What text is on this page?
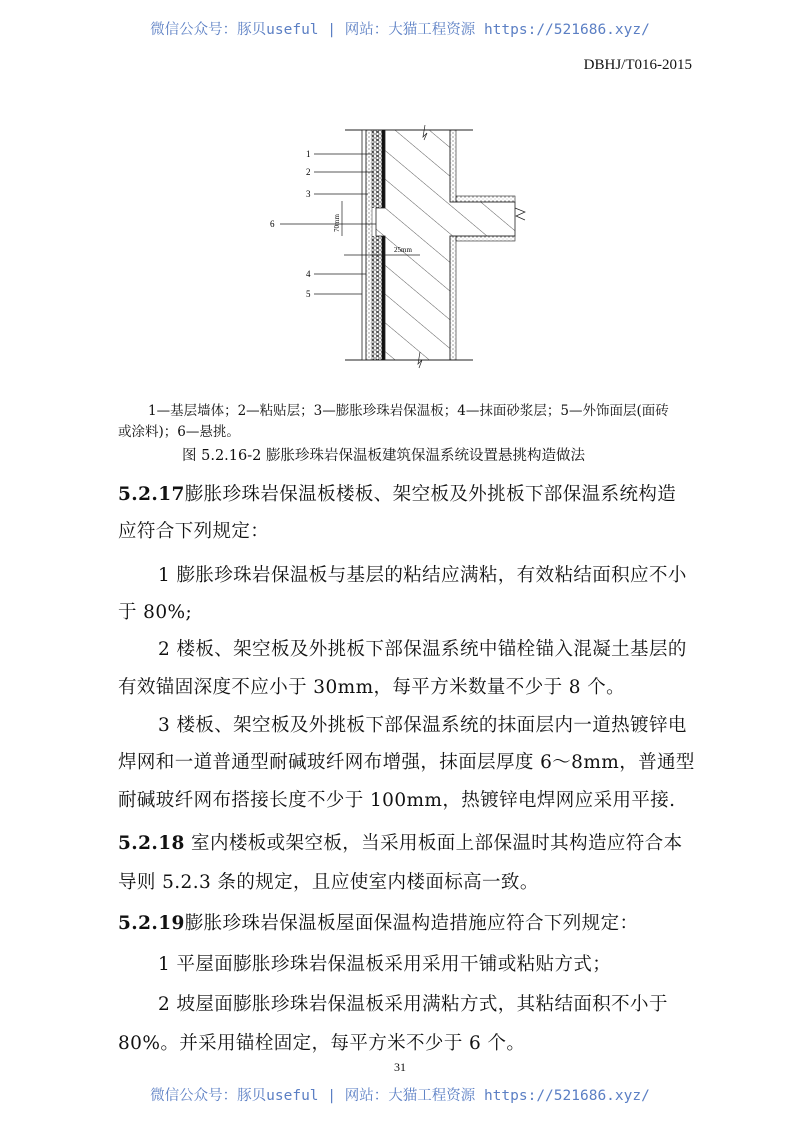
微信公众号：豚贝useful | 网站：大猫工程资源 https://521686.xyz/
DBHJ/T016-2015
1
2
3
6
4
5
70mm
25mm
1—基层墙体；2—粘贴层；3—膨胀珍珠岩保温板；4—抹面砂浆层；5—外饰面层(面砖
或涂料)；6—悬挑。
图 5.2.16-2 膨胀珍珠岩保温板建筑保温系统设置悬挑构造做法
5.2.17膨胀珍珠岩保温板楼板、架空板及外挑板下部保温系统构造
应符合下列规定：
1 膨胀珍珠岩保温板与基层的粘结应满粘，有效粘结面积应不小
于 80%;
2 楼板、架空板及外挑板下部保温系统中锚栓锚入混凝土基层的
有效锚固深度不应小于 30mm，每平方米数量不少于 8 个。
3 楼板、架空板及外挑板下部保温系统的抹面层内一道热镀锌电
焊网和一道普通型耐碱玻纤网布增强，抹面层厚度 6～8mm，普通型
耐碱玻纤网布搭接长度不少于 100mm，热镀锌电焊网应采用平接.
5.2.18 室内楼板或架空板，当采用板面上部保温时其构造应符合本
导则 5.2.3 条的规定，且应使室内楼面标高一致。
5.2.19膨胀珍珠岩保温板屋面保温构造措施应符合下列规定：
1 平屋面膨胀珍珠岩保温板采用采用干铺或粘贴方式；
2 坡屋面膨胀珍珠岩保温板采用满粘方式，其粘结面积不小于
31
微信公众号：豚贝useful | 网站：大猫工程资源 https://521686.xyz/
80%。并采用锚栓固定，每平方米不少于 6 个。
